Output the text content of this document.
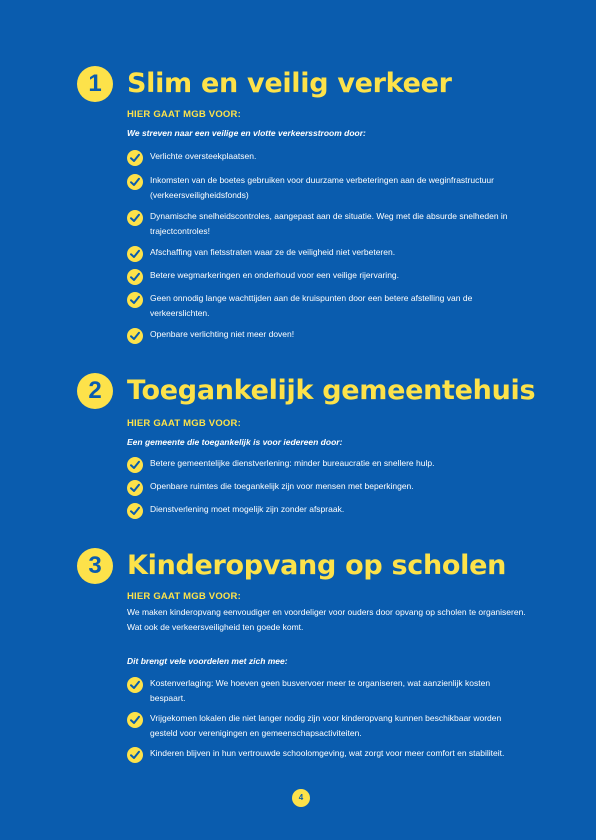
1 Slim en veilig verkeer
HIER GAAT MGB VOOR:
We streven naar een veilige en vlotte verkeersstroom door:
Verlichte oversteekplaatsen.
Inkomsten van de boetes gebruiken voor duurzame verbeteringen aan de weginfrastructuur (verkeersveiligheidsfonds)
Dynamische snelheidscontroles, aangepast aan de situatie. Weg met die absurde snelheden in trajectcontroles!
Afschaffing van fietsstraten waar ze de veiligheid niet verbeteren.
Betere wegmarkeringen en onderhoud voor een veilige rijervaring.
Geen onnodig lange wachttijden aan de kruispunten door een betere afstelling van de verkeerslichten.
Openbare verlichting niet meer doven!
2 Toegankelijk gemeentehuis
HIER GAAT MGB VOOR:
Een gemeente die toegankelijk is voor iedereen door:
Betere gemeentelijke dienstverlening: minder bureaucratie en snellere hulp.
Openbare ruimtes die toegankelijk zijn voor mensen met beperkingen.
Dienstverlening moet mogelijk zijn zonder afspraak.
3 Kinderopvang op scholen
HIER GAAT MGB VOOR:
We maken kinderopvang eenvoudiger en voordeliger voor ouders door opvang op scholen te organiseren. Wat ook de verkeersveiligheid ten goede komt.
Dit brengt vele voordelen met zich mee:
Kostenverlaging: We hoeven geen busvervoer meer te organiseren, wat aanzienlijk kosten bespaart.
Vrijgekomen lokalen die niet langer nodig zijn voor kinderopvang kunnen beschikbaar worden gesteld voor verenigingen en gemeenschapsactiviteiten.
Kinderen blijven in hun vertrouwde schoolomgeving, wat zorgt voor meer comfort en stabiliteit.
4
